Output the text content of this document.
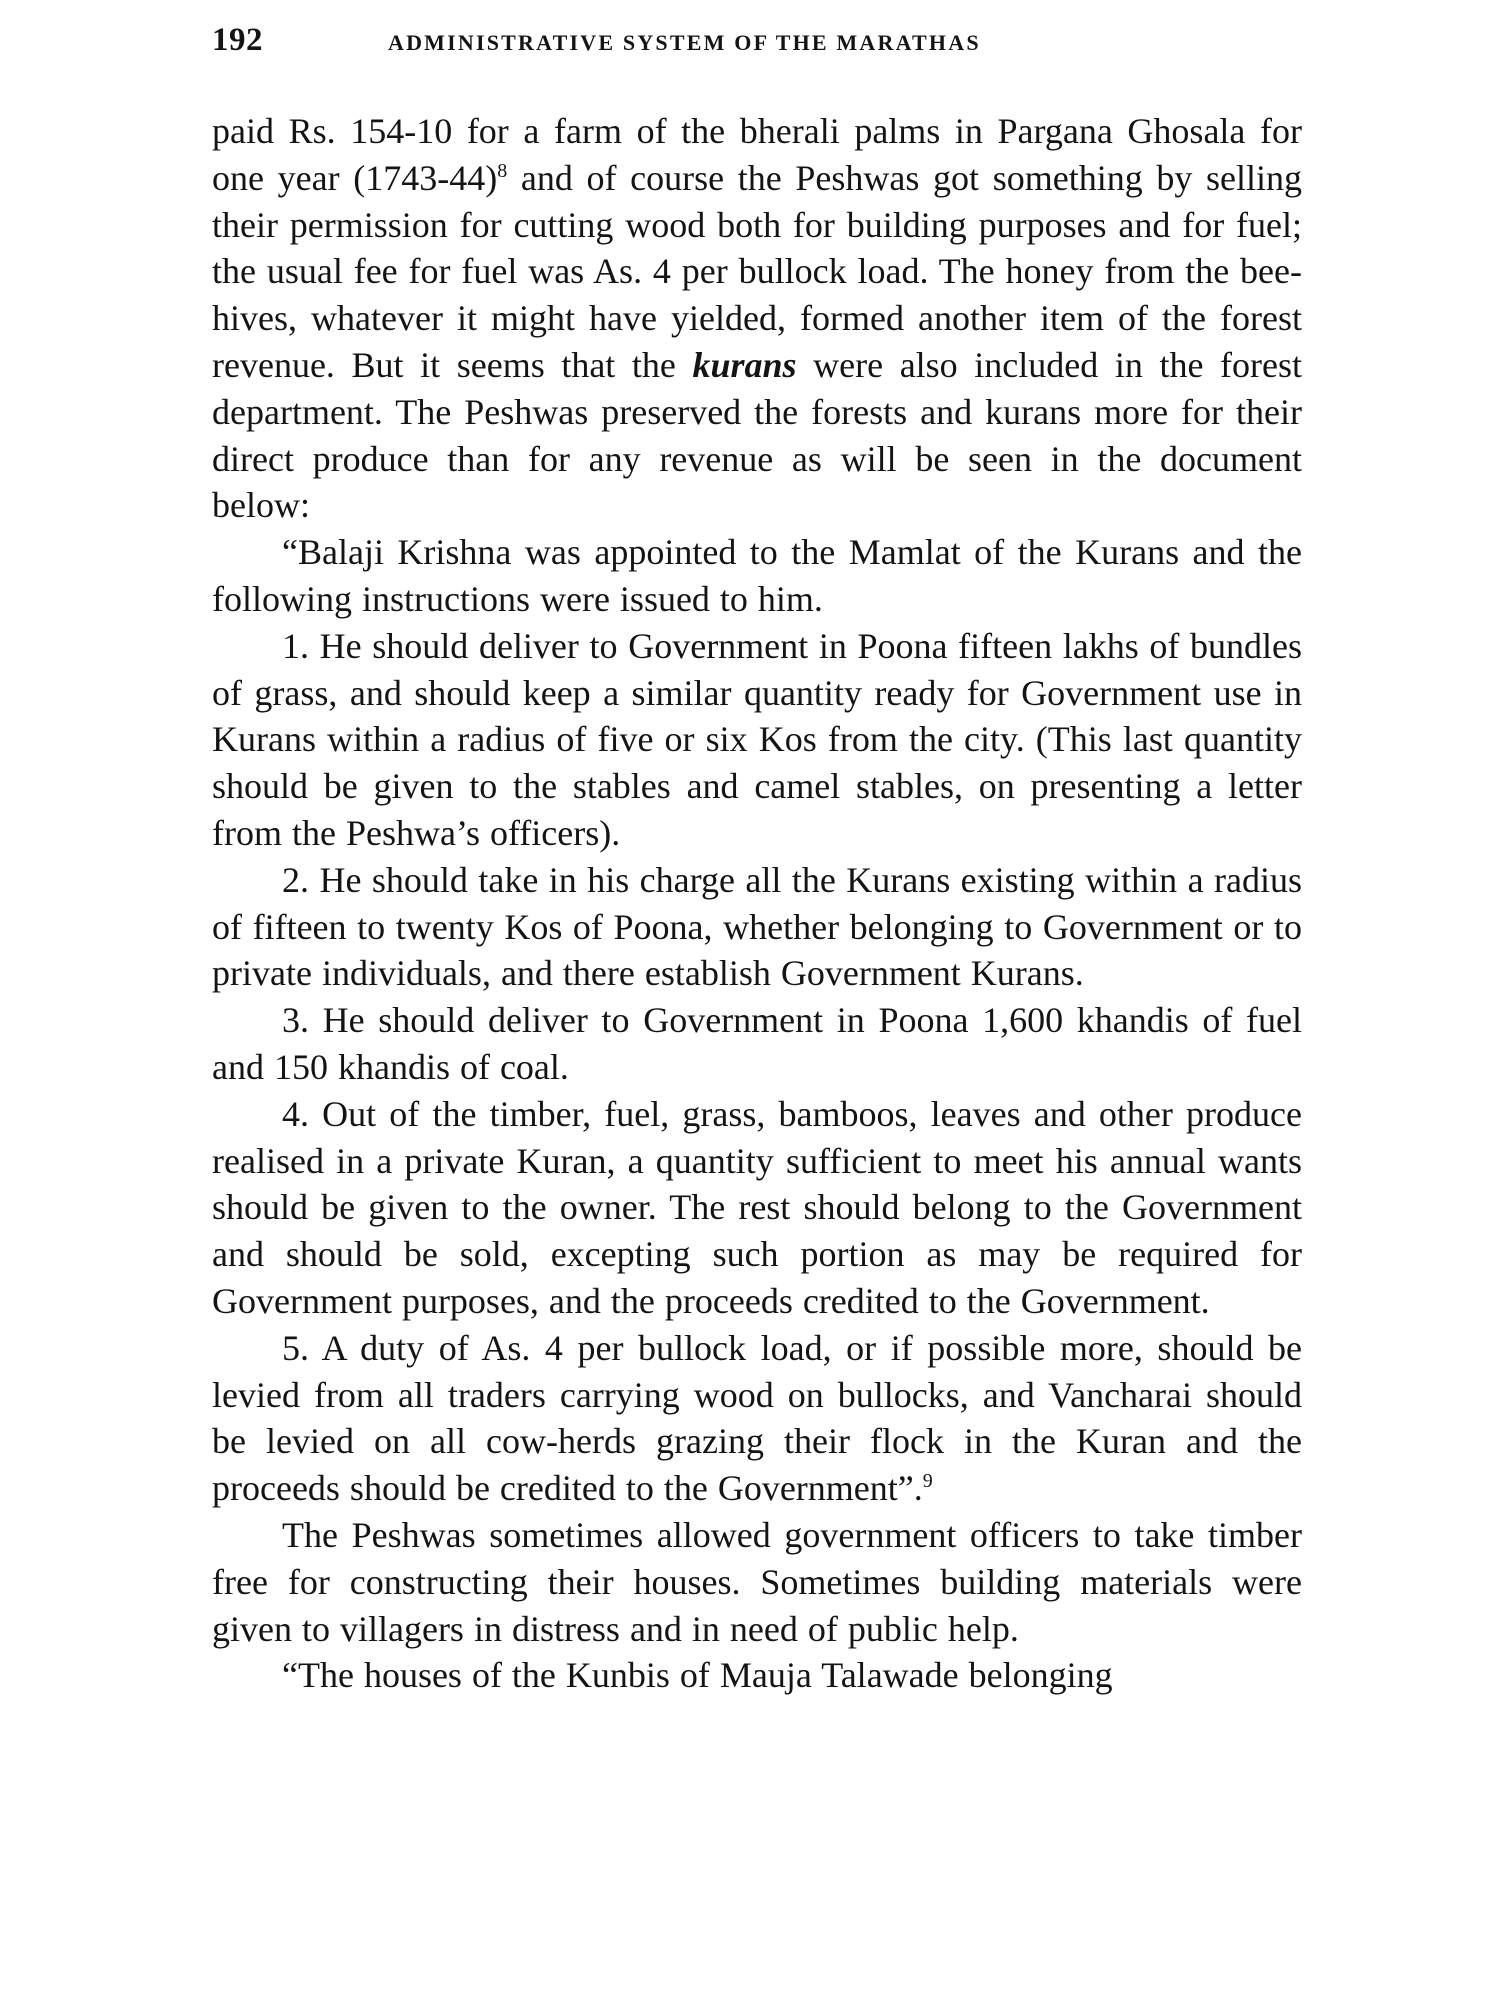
192	ADMINISTRATIVE SYSTEM OF THE MARATHAS

paid Rs. 154-10 for a farm of the bherali palms in Pargana Ghosala for one year (1743-44)$^8$ and of course the Peshwas got something by selling their permission for cutting wood both for building purposes and for fuel; the usual fee for fuel was As. 4 per bullock load. The honey from the bee-hives, whatever it might have yielded, formed another item of the forest revenue. But it seems that the kurans were also included in the forest department. The Peshwas preserved the forests and kurans more for their direct produce than for any revenue as will be seen in the document below:

“Balaji Krishna was appointed to the Mamlat of the Kurans and the following instructions were issued to him.

1. He should deliver to Government in Poona fifteen lakhs of bundles of grass, and should keep a similar quantity ready for Government use in Kurans within a radius of five or six Kos from the city. (This last quantity should be given to the stables and camel stables, on presenting a letter from the Peshwa’s officers).

2. He should take in his charge all the Kurans existing within a radius of fifteen to twenty Kos of Poona, whether belonging to Government or to private individuals, and there establish Government Kurans.

3. He should deliver to Government in Poona 1,600 khandis of fuel and 150 khandis of coal.

4. Out of the timber, fuel, grass, bamboos, leaves and other produce realised in a private Kuran, a quantity sufficient to meet his annual wants should be given to the owner. The rest should belong to the Government and should be sold, excepting such portion as may be required for Government purposes, and the proceeds credited to the Government.

5. A duty of As. 4 per bullock load, or if possible more, should be levied from all traders carrying wood on bullocks, and Vancharai should be levied on all cow-herds grazing their flock in the Kuran and the proceeds should be credited to the Government”.$^9$

The Peshwas sometimes allowed government officers to take timber free for constructing their houses. Sometimes building materials were given to villagers in distress and in need of public help.

“The houses of the Kunbis of Mauja Talawade belonging
